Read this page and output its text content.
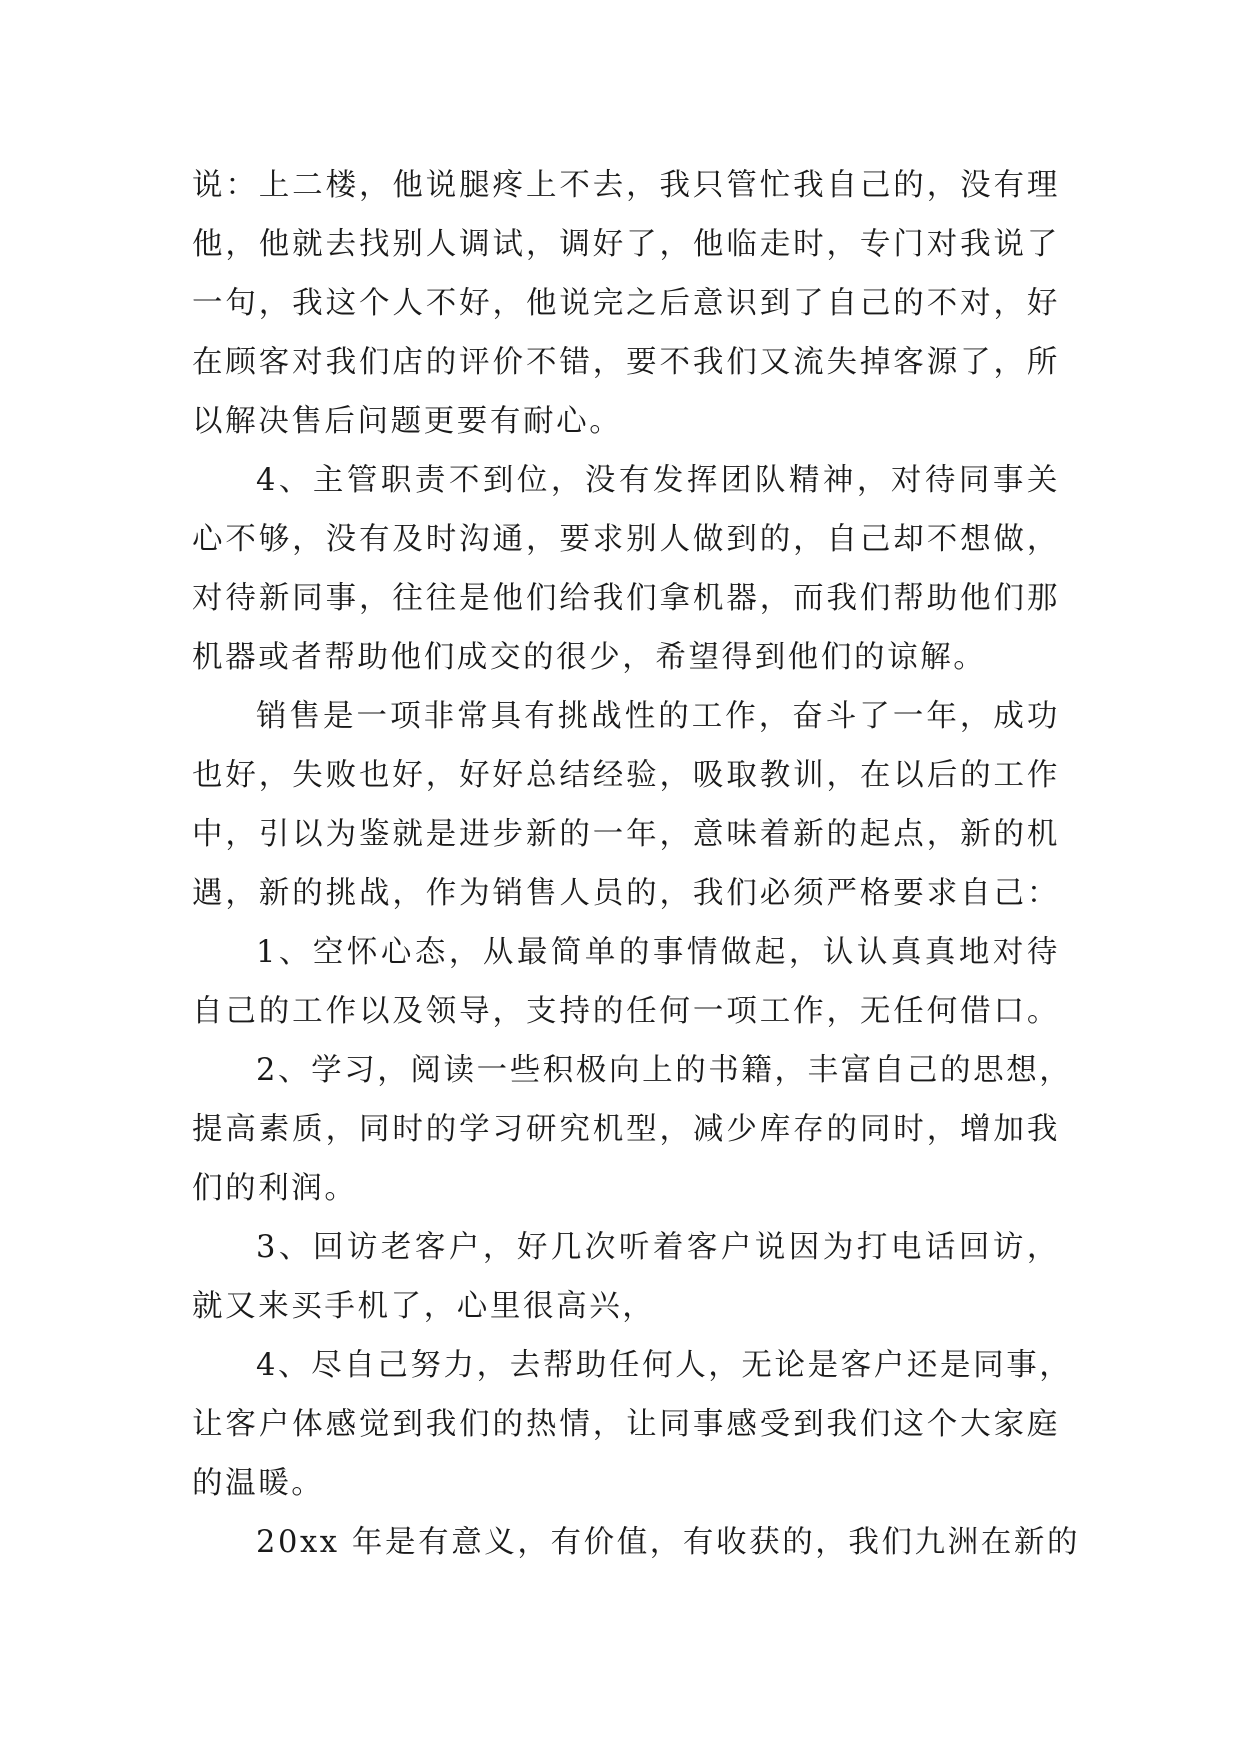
说：上二楼，他说腿疼上不去，我只管忙我自己的，没有理
他，他就去找别人调试，调好了，他临走时，专门对我说了
一句，我这个人不好，他说完之后意识到了自己的不对，好
在顾客对我们店的评价不错，要不我们又流失掉客源了，所
以解决售后问题更要有耐心。

4、主管职责不到位，没有发挥团队精神，对待同事关
心不够，没有及时沟通，要求别人做到的，自己却不想做，
对待新同事，往往是他们给我们拿机器，而我们帮助他们那
机器或者帮助他们成交的很少，希望得到他们的谅解。

销售是一项非常具有挑战性的工作，奋斗了一年，成功
也好，失败也好，好好总结经验，吸取教训，在以后的工作
中，引以为鉴就是进步新的一年，意味着新的起点，新的机
遇，新的挑战，作为销售人员的，我们必须严格要求自己：

1、空怀心态，从最简单的事情做起，认认真真地对待
自己的工作以及领导，支持的任何一项工作，无任何借口。

2、学习，阅读一些积极向上的书籍，丰富自己的思想，
提高素质，同时的学习研究机型，减少库存的同时，增加我
们的利润。

3、回访老客户，好几次听着客户说因为打电话回访，
就又来买手机了，心里很高兴，

4、尽自己努力，去帮助任何人，无论是客户还是同事，
让客户体感觉到我们的热情，让同事感受到我们这个大家庭
的温暖。

20xx 年是有意义，有价值，有收获的，我们九洲在新的
